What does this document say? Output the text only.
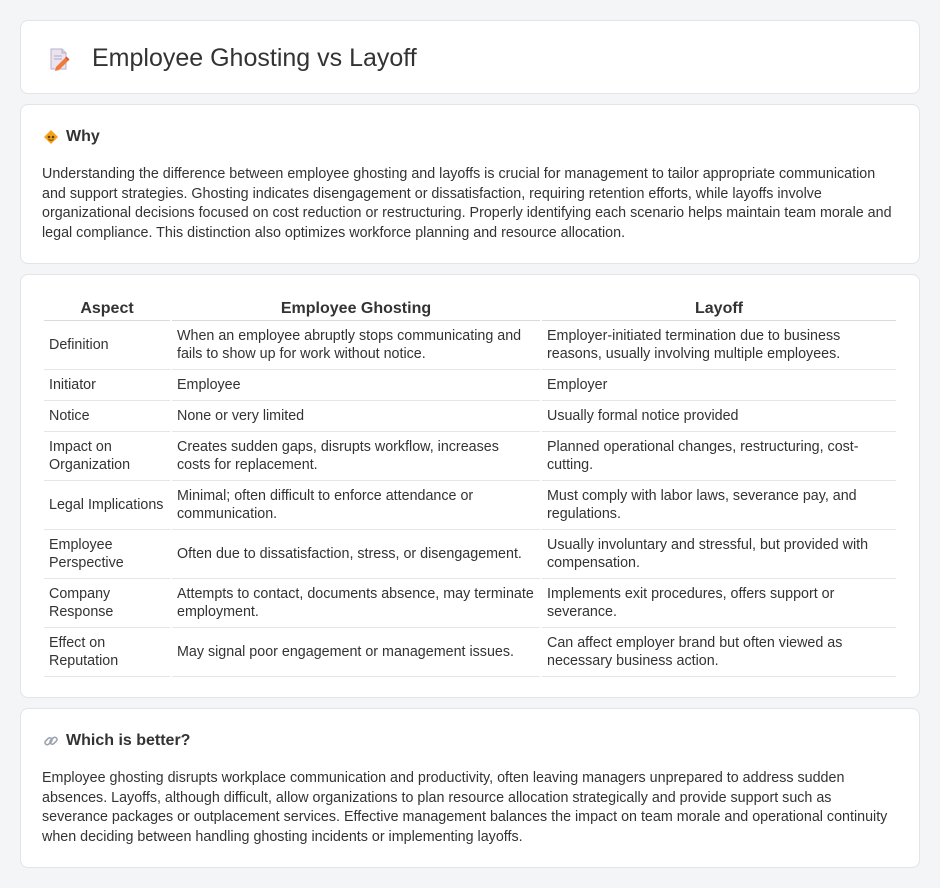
Employee Ghosting vs Layoff
Why

Understanding the difference between employee ghosting and layoffs is crucial for management to tailor appropriate communication and support strategies. Ghosting indicates disengagement or dissatisfaction, requiring retention efforts, while layoffs involve organizational decisions focused on cost reduction or restructuring. Properly identifying each scenario helps maintain team morale and legal compliance. This distinction also optimizes workforce planning and resource allocation.

Aspect	Employee Ghosting	Layoff
Definition	When an employee abruptly stops communicating and fails to show up for work without notice.	Employer-initiated termination due to business reasons, usually involving multiple employees.
Initiator	Employee	Employer
Notice	None or very limited	Usually formal notice provided
Impact on Organization	Creates sudden gaps, disrupts workflow, increases costs for replacement.	Planned operational changes, restructuring, cost-cutting.
Legal Implications	Minimal; often difficult to enforce attendance or communication.	Must comply with labor laws, severance pay, and regulations.
Employee Perspective	Often due to dissatisfaction, stress, or disengagement.	Usually involuntary and stressful, but provided with compensation.
Company Response	Attempts to contact, documents absence, may terminate employment.	Implements exit procedures, offers support or severance.
Effect on Reputation	May signal poor engagement or management issues.	Can affect employer brand but often viewed as necessary business action.
Which is better?

Employee ghosting disrupts workplace communication and productivity, often leaving managers unprepared to address sudden absences. Layoffs, although difficult, allow organizations to plan resource allocation strategically and provide support such as severance packages or outplacement services. Effective management balances the impact on team morale and operational continuity when deciding between handling ghosting incidents or implementing layoffs.
